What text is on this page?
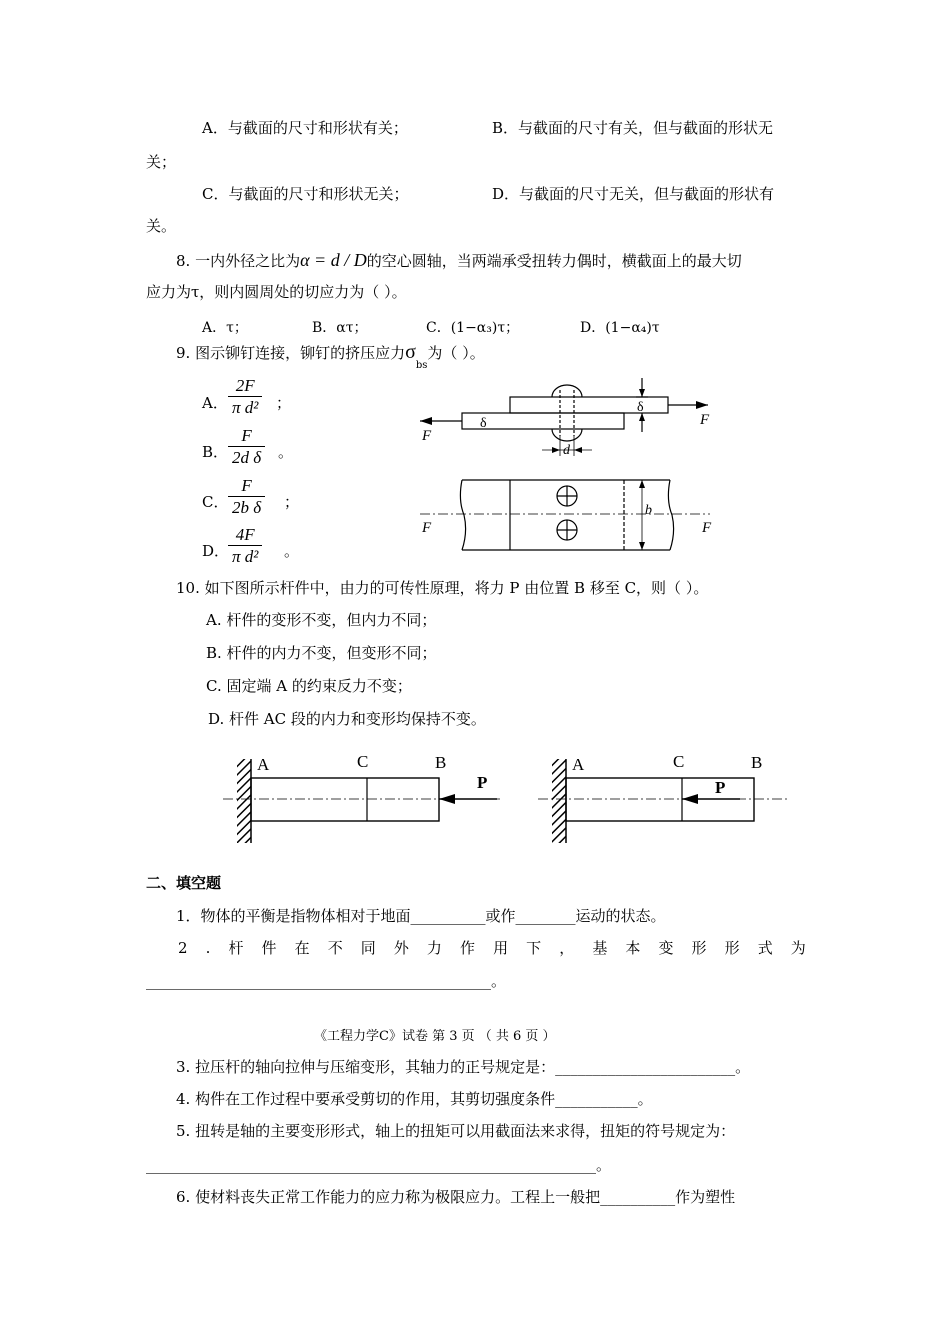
A．与截面的尺寸和形状有关；	B．与截面的尺寸有关，但与截面的形状无
关；
C．与截面的尺寸和形状无关；	D．与截面的尺寸无关，但与截面的形状有
关。
8. 一内外径之比为α = d / D的空心圆轴，当两端承受扭转力偶时，横截面上的最大切
应力为τ，则内圆周处的切应力为（ ）。
A．τ；	B．ατ；	C．(1−α₃)τ；	D．(1−α₄)τ
9. 图示铆钉连接，铆钉的挤压应力$\sigma_{bs}$为（ ）。
A． $\frac{2F}{\text{π d²}}$ ；
B． $\frac{F}{\text{2d δ}}$ 。
C． $\frac{F}{\text{2b δ}}$ ；
D．
$\frac{4F}{\text{π d²}}$ 。
F
F
δ
δ
d
b
F	F
10. 如下图所示杆件中，由力的可传性原理，将力 P 由位置 B 移至 C，则（ ）。
A. 杆件的变形不变，但内力不同；
B. 杆件的内力不变，但变形不同；
C. 固定端 A 的约束反力不变；
D. 杆件 AC 段的内力和变形均保持不变。
A	C	B
P
A	C	B
P
二、填空题
1．物体的平衡是指物体相对于地面__________或作________运动的状态。
2 . 杆 件 在 不 同 外 力 作 用 下 ， 基 本 变 形 形 式 为
______________________________________________。
《工程力学C》试卷 第 3 页 （ 共 6 页 ）
3. 拉压杆的轴向拉伸与压缩变形，其轴力的正号规定是：________________________。
4. 构件在工作过程中要承受剪切的作用，其剪切强度条件___________。
5. 扭转是轴的主要变形形式，轴上的扭矩可以用截面法来求得，扭矩的符号规定为：
____________________________________________________________。
6. 使材料丧失正常工作能力的应力称为极限应力。工程上一般把__________作为塑性
